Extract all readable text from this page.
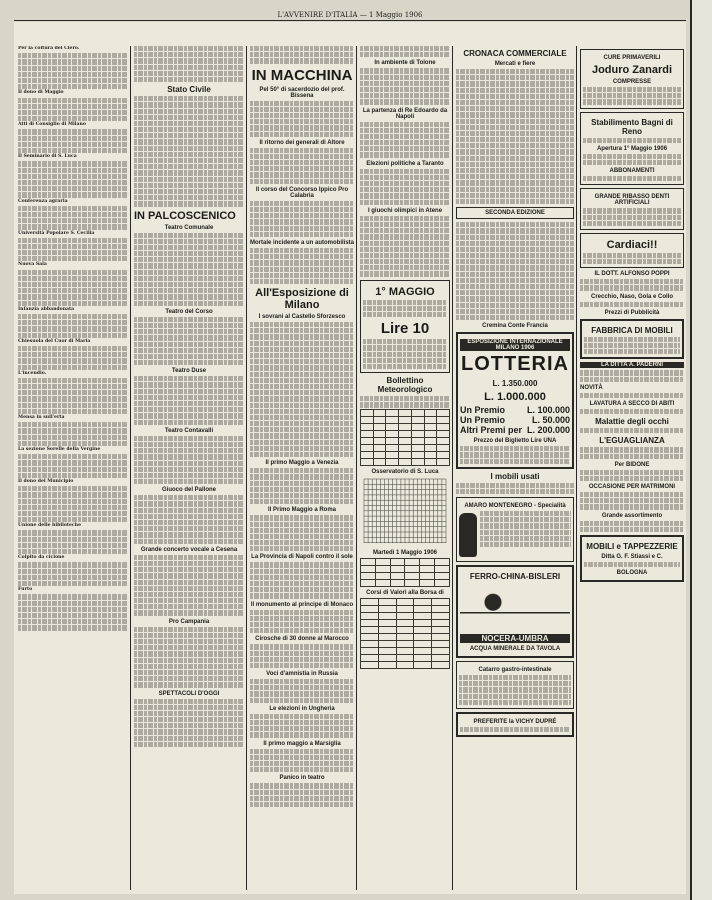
L'AVVENIRE D'ITALIA — 1 Maggio 1906
Per la coltura del Clero.
Il dono di Maggio
Atti di Consiglio di Milano
Il Seminario di S. Luca
Conferenza agraria
Università Popolare S. Cecilia
Nuova Sala
Infanzia abbandonata
Chiesuola del Cuor di Maria
L'incendio.
Mensa in sull'erta
La sezione Sorelle della Vergine
Il dono del Municipio
Unione delle biblioteche
Colpito da ciclone
Furto
Stato Civile
IN PALCOSCENICO
Teatro Comunale
Teatro del Corso
Teatro Duse
Teatro Contavalli
Giuoco del Pallone
Grande concerto vocale a Cesena
Pro Campania
SPETTACOLI D'OGGI
IN MACCHINA
Pel 50° di sacerdozio del prof. Bissena
Il ritorno dei generali di Altore
Il corso del Concorso Ippico Pro Calabria
Mortale incidente a un automobilista
All'Esposizione di Milano
I sovrani al Castello Sforzesco
Il primo Maggio a Venezia
Il Primo Maggio a Roma
La Provincia di Napoli contro il sole
Il monumento al principe di Monaco
Cirosche di 30 donne al Marocco
Voci d'amnistia in Russia
Le elezioni in Ungheria
Il primo maggio a Marsiglia
Panico in teatro
In ambiente di Tolone
La partenza di Re Edoardo da Napoli
Elezioni politiche a Taranto
I giuochi olimpici in Atene
1° MAGGIO
Lire 10
Bollettino Meteorologico

Osservatorio di S. Luca
Martedì 1 Maggio 1906

Corsi di Valori alla Borsa di

CRONACA COMMERCIALE
Mercati e fiere
SECONDA EDIZIONE
Cremina Conte Francia
ESPOSIZIONE INTERNAZIONALE MILANO 1906
LOTTERIA
L. 1.350.000
L. 1.000.000
Un Premio L. 100.000
Un Premio	L. 50.000
Altri Premi per L. 200.000
Prezzo del Biglietto Lire UNA
I mobili usati
AMARO MONTENEGRO - Specialità
FERRO-CHINA-BISLERI
NOCERA-UMBRA
ACQUA MINERALE DA TAVOLA
Catarro gastro-intestinale
PREFERITE la VICHY DUPRÉ
CURE PRIMAVERILI
Joduro Zanardi
COMPRESSE
Stabilimento Bagni di Reno
Apertura 1° Maggio 1906
ABBONAMENTI
GRANDE RIBASSO DENTI ARTIFICIALI
Cardiaci!!
IL DOTT. ALFONSO POPPI
Crecchio, Naso, Gola e Collo
Prezzi di Pubblicità
FABBRICA DI MOBILI
LA DITTA A. PADERNI
NOVITÀ
LAVATURA A SECCO DI ABITI
Malattie degli occhi
L'EGUAGLIANZA
Per BIDONE
OCCASIONE PER MATRIMONI
Grande assortimento
MOBILI e TAPPEZZERIE
Ditta G. F. Stiassi e C.
BOLOGNA
